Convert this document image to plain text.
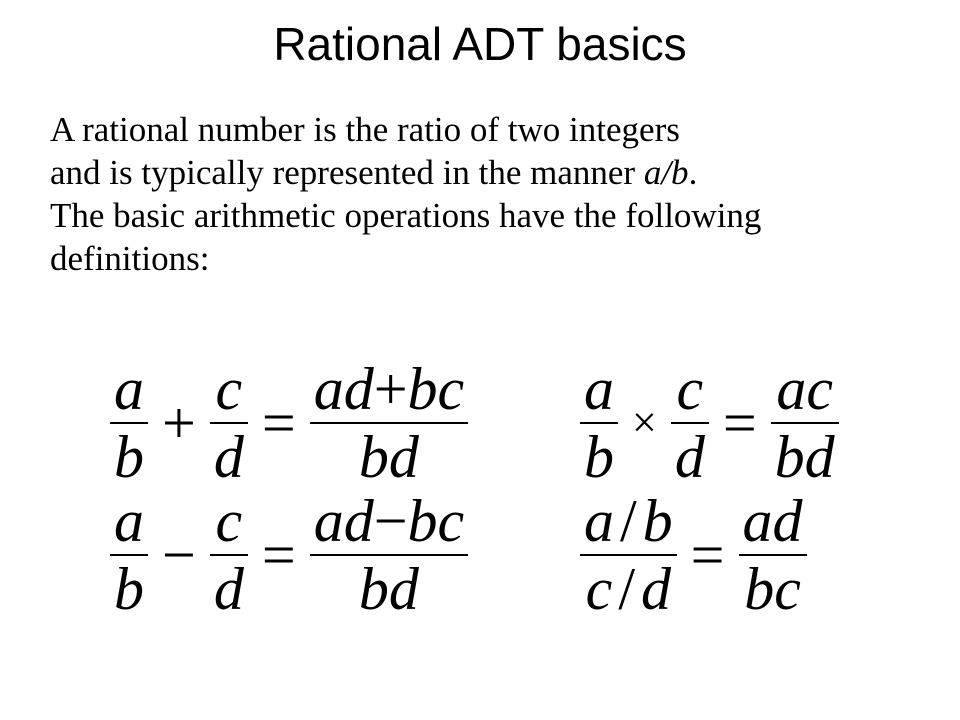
Rational ADT basics
A rational number is the ratio of two integers
and is typically represented in the manner a/b.
The basic arithmetic operations have the following
definitions:
$\frac{a}{b} + \frac{c}{d} = \frac{ad+bc}{bd} \frac{a}{b} \times \frac{c}{d} = \frac{ac}{bd}$
$\frac{a}{b} - \frac{c}{d} = \frac{ad-bc}{bd} \frac{a / b}{c / d} = \frac{ad}{bc}$
